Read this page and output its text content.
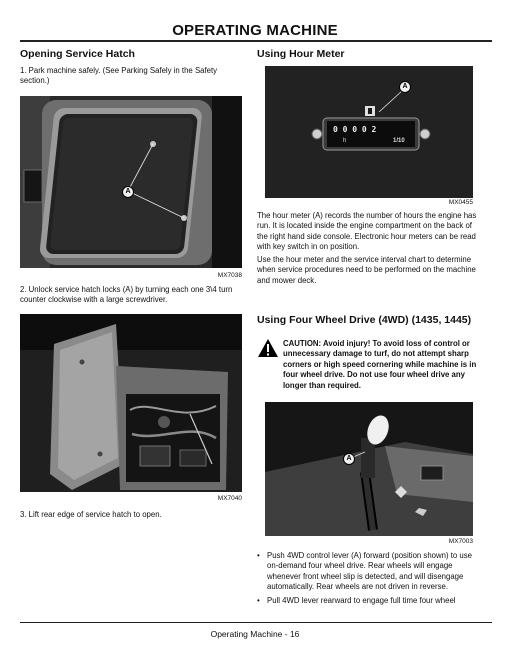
OPERATING MACHINE
Opening Service Hatch
1. Park machine safely. (See Parking Safely in the Safety section.)
A
MX7038
2. Unlock service hatch locks (A) by turning each one 3\4 turn counter clockwise with a large screwdriver.
MX7040
3. Lift rear edge of service hatch to open.
Using Hour Meter
0 0 0 0 2
h	1/10
A
MX0455
The hour meter (A) records the number of hours the engine has run. It is located inside the engine compartment on the back of the right hand side console. Electronic hour meters can be read with key switch in on position.
Use the hour meter and the service interval chart to determine when service procedures need to be performed on the machine and mower deck.
Using Four Wheel Drive (4WD) (1435, 1445)
CAUTION: Avoid injury! To avoid loss of control or unnecessary damage to turf, do not attempt sharp corners or high speed cornering while machine is in four wheel drive. Do not use four wheel drive any longer than required.
A
MX7003
• Push 4WD control lever (A) forward (position shown) to use on-demand four wheel drive. Rear wheels will engage whenever front wheel slip is detected, and will disengage automatically. Rear wheels are not driven in reverse.
• Pull 4WD lever rearward to engage full time four wheel
Operating Machine - 16
